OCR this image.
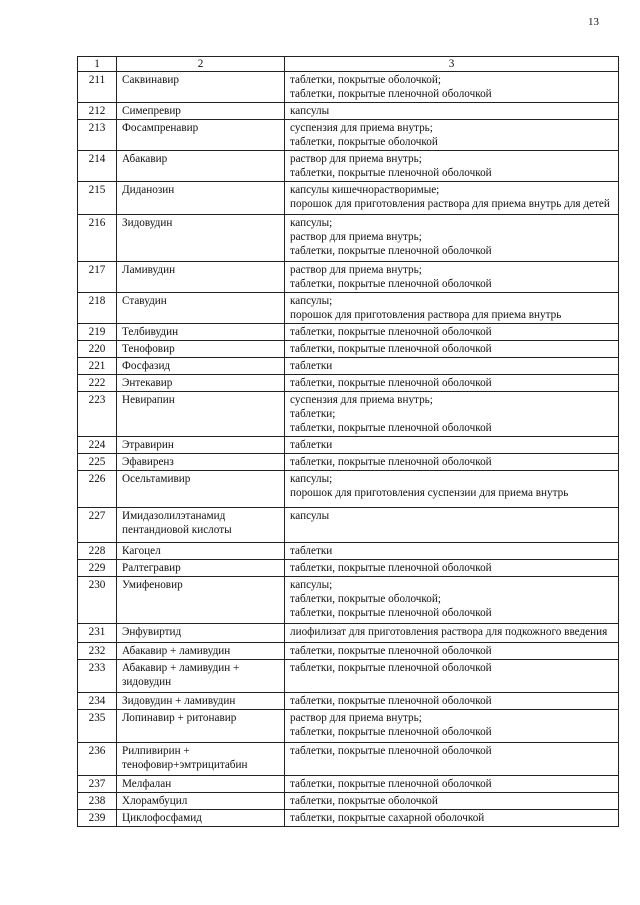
13
1	2	3
211	Саквинавир	таблетки, покрытые оболочкой;
таблетки, покрытые пленочной оболочкой

212	Симепревир	капсулы

213	Фосампренавир	суспензия для приема внутрь;
таблетки, покрытые оболочкой

214	Абакавир	раствор для приема внутрь;
таблетки, покрытые пленочной оболочкой

215	Диданозин	капсулы кишечнорастворимые;
порошок для приготовления раствора для приема внутрь для детей

216	Зидовудин	капсулы;
раствор для приема внутрь;
таблетки, покрытые пленочной оболочкой

217	Ламивудин	раствор для приема внутрь;
таблетки, покрытые пленочной оболочкой

218	Ставудин	капсулы;
порошок для приготовления раствора для приема внутрь

219	Телбивудин	таблетки, покрытые пленочной оболочкой

220	Тенофовир	таблетки, покрытые пленочной оболочкой

221	Фосфазид	таблетки

222	Энтекавир	таблетки, покрытые пленочной оболочкой

223	Невирапин	суспензия для приема внутрь;
таблетки;
таблетки, покрытые пленочной оболочкой

224	Этравирин	таблетки

225	Эфавиренз	таблетки, покрытые пленочной оболочкой

226	Осельтамивир	капсулы;
порошок для приготовления суспензии для приема внутрь

227	Имидазолилэтанамид пентандиовой кислоты	капсулы

228	Кагоцел	таблетки

229	Ралтегравир	таблетки, покрытые пленочной оболочкой

230	Умифеновир	капсулы;
таблетки, покрытые оболочкой;
таблетки, покрытые пленочной оболочкой

231	Энфувиртид	лиофилизат для приготовления раствора для подкожного введения

232	Абакавир + ламивудин	таблетки, покрытые пленочной оболочкой

233	Абакавир + ламивудин + зидовудин	таблетки, покрытые пленочной оболочкой

234	Зидовудин + ламивудин	таблетки, покрытые пленочной оболочкой

235	Лопинавир + ритонавир	раствор для приема внутрь;
таблетки, покрытые пленочной оболочкой

236	Рилпивирин + тенофовир+эмтрицитабин	таблетки, покрытые пленочной оболочкой

237	Мелфалан	таблетки, покрытые пленочной оболочкой

238	Хлорамбуцил	таблетки, покрытые оболочкой

239	Циклофосфамид	таблетки, покрытые сахарной оболочкой
